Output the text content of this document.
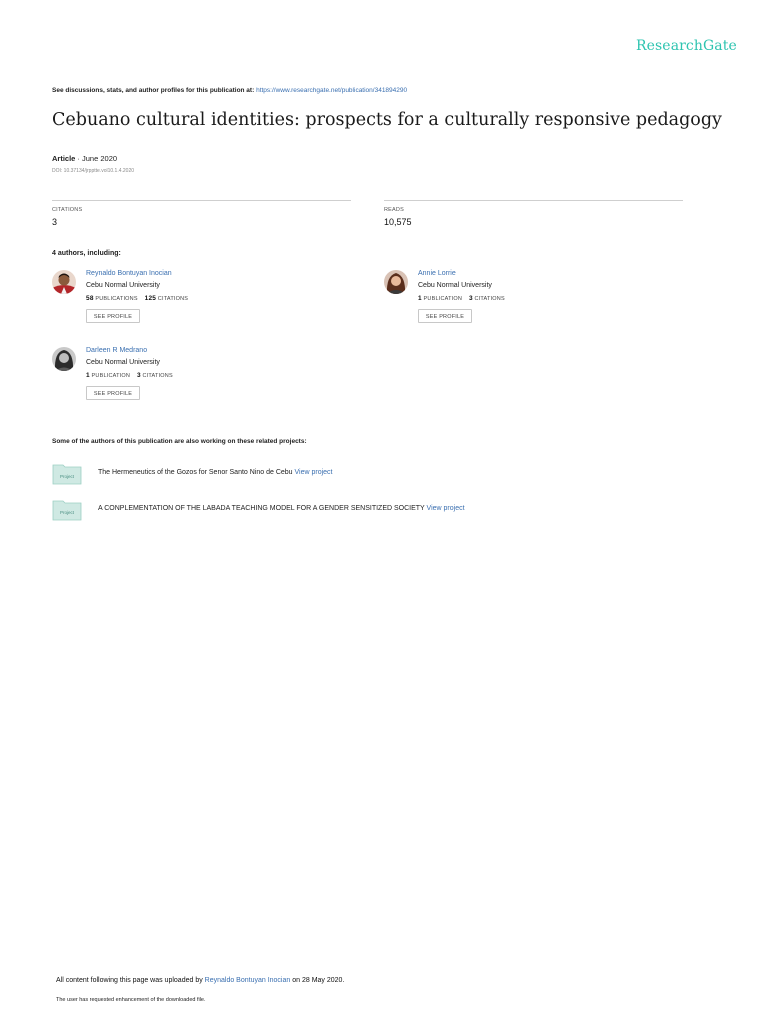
ResearchGate
See discussions, stats, and author profiles for this publication at: https://www.researchgate.net/publication/341894290
Cebuano cultural identities: prospects for a culturally responsive pedagogy
Article · June 2020
DOI: 10.37134/jrpptte.vol10.1.4.2020
CITATIONS
3
READS
10,575
4 authors, including:
Reynaldo Bontuyan Inocian
Cebu Normal University
58 PUBLICATIONS 125 CITATIONS
SEE PROFILE
Annie Lorrie
Cebu Normal University
1 PUBLICATION 3 CITATIONS
SEE PROFILE
Darleen R Medrano
Cebu Normal University
1 PUBLICATION 3 CITATIONS
SEE PROFILE
Some of the authors of this publication are also working on these related projects:
Project
The Hermeneutics of the Gozos for Senor Santo Nino de Cebu View project
Project
A CONPLEMENTATION OF THE LABADA TEACHING MODEL FOR A GENDER SENSITIZED SOCIETY View project
All content following this page was uploaded by Reynaldo Bontuyan Inocian on 28 May 2020.
The user has requested enhancement of the downloaded file.
